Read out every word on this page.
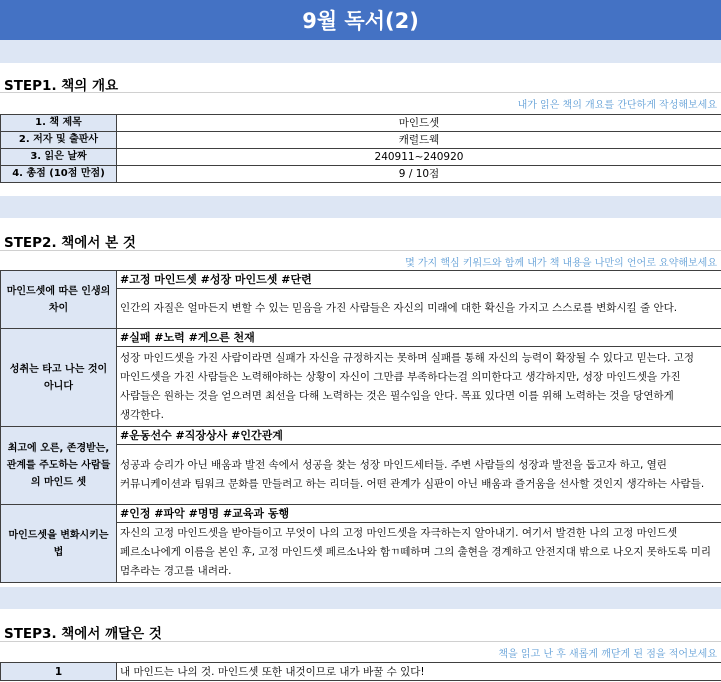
9월 독서(2)
STEP1. 책의 개요
내가 읽은 책의 개요를 간단하게 작성해보세요
1. 책 제목	마인드셋
2. 저자 및 출판사	캐럴드웩
3. 읽은 날짜	240911~240920
4. 총점 (10점 만점)	9 / 10점
STEP2. 책에서 본 것
몇 가지 핵심 키워드와 함께 내가 책 내용을 나만의 언어로 요약해보세요
마인드셋에 따른 인생의 차이	#고정 마인드셋 #성장 마인드셋 #단련
	인간의 자질은 얼마든지 변할 수 있는 믿음을 가진 사람들은 자신의 미래에 대한 확신을 가지고 스스로를 변화시킬 줄 안다.
성취는 타고 나는 것이 아니다	#실패 #노력 #게으른 천재
	성장 마인드셋을 가진 사람이라면 실패가 자신을 규정하지는 못하며 실패를 통해 자신의 능력이 확장될 수 있다고 믿는다. 고정 마인드셋을 가진 사람들은 노력해야하는 상황이 자신이 그만큼 부족하다는걸 의미한다고 생각하지만, 성장 마인드셋을 가진 사람들은 원하는 것을 얻으려면 최선을 다해 노력하는 것은 필수임을 안다. 목표 있다면 이를 위해 노력하는 것을 당연하게 생각한다.
최고에 오른, 존경받는, 관계를 주도하는 사람들의 마인드 셋	#운동선수 #직장상사 #인간관계
	성공과 승리가 아닌 배움과 발전 속에서 성공을 찾는 성장 마인드세터들. 주변 사람들의 성장과 발전을 돕고자 하고, 열린 커뮤니케이션과 팀워크 문화를 만들려고 하는 리더들. 어떤 관계가 심판이 아닌 배움과 즐거움을 선사할 것인지 생각하는 사람들.
마인드셋을 변화시키는 법	#인정 #파악 #명명 #교육과 동행
	자신의 고정 마인드셋을 받아들이고 무엇이 나의 고정 마인드셋을 자극하는지 알아내기. 여기서 발견한 나의 고정 마인드셋 페르소나에게 이름을 본인 후, 고정 마인드셋 페르소나와 함ㄲ떼하며 그의 출현을 경계하고 안전지대 밖으로 나오지 못하도록 미리 멈추라는 경고를 내려라.
STEP3. 책에서 깨달은 것
책을 읽고 난 후 새롭게 깨닫게 된 점을 적어보세요
1	내 마인드는 나의 것. 마인드셋 또한 내것이므로 내가 바꿀 수 있다!
